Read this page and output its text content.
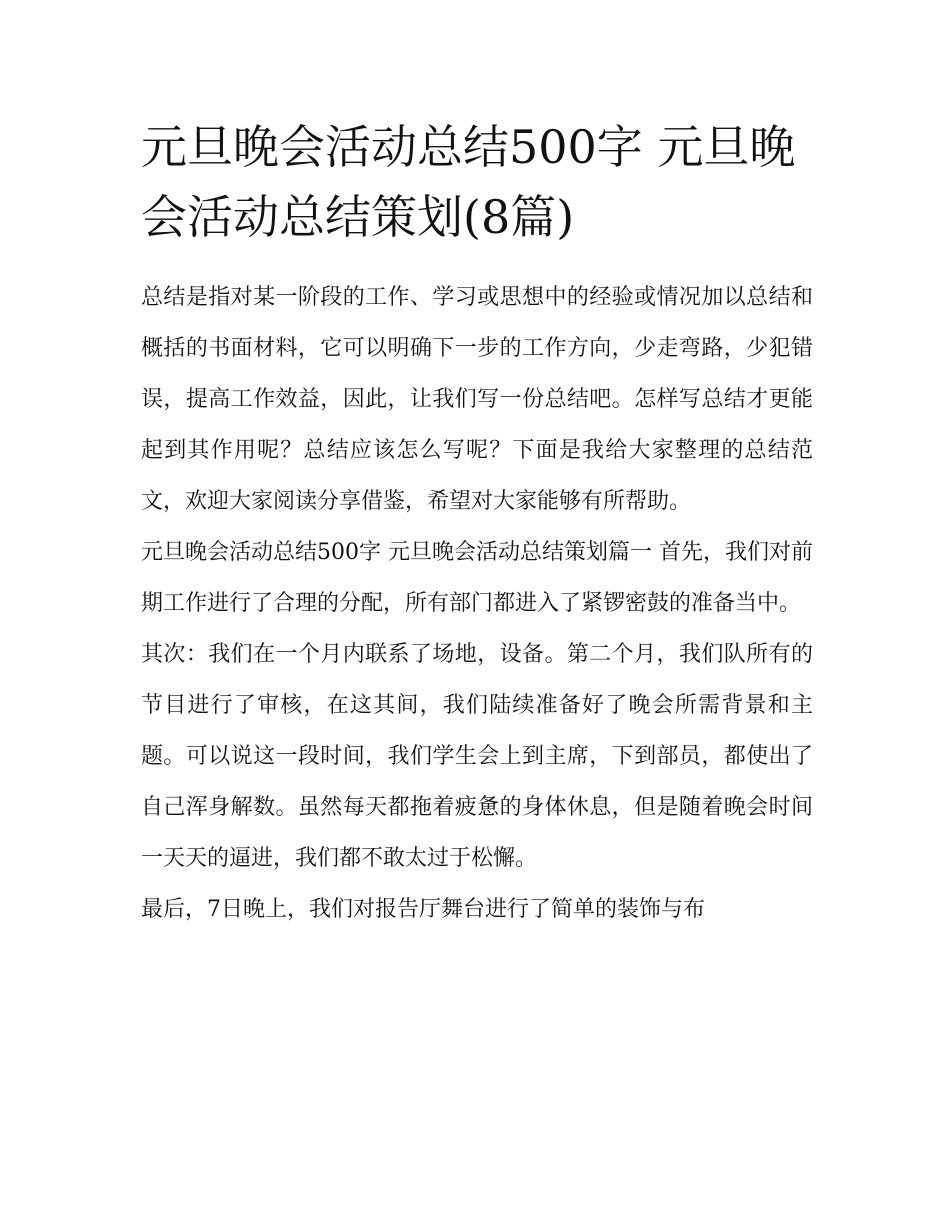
元旦晚会活动总结500字 元旦晚会活动总结策划(8篇)

总结是指对某一阶段的工作、学习或思想中的经验或情况加以总结和概括的书面材料，它可以明确下一步的工作方向，少走弯路，少犯错误，提高工作效益，因此，让我们写一份总结吧。怎样写总结才更能起到其作用呢？总结应该怎么写呢？下面是我给大家整理的总结范文，欢迎大家阅读分享借鉴，希望对大家能够有所帮助。

元旦晚会活动总结500字 元旦晚会活动总结策划篇一 首先，我们对前期工作进行了合理的分配，所有部门都进入了紧锣密鼓的准备当中。

其次：我们在一个月内联系了场地，设备。第二个月，我们队所有的节目进行了审核，在这其间，我们陆续准备好了晚会所需背景和主题。可以说这一段时间，我们学生会上到主席，下到部员，都使出了自己浑身解数。虽然每天都拖着疲惫的身体休息，但是随着晚会时间一天天的逼进，我们都不敢太过于松懈。

最后，7日晚上，我们对报告厅舞台进行了简单的装饰与布
